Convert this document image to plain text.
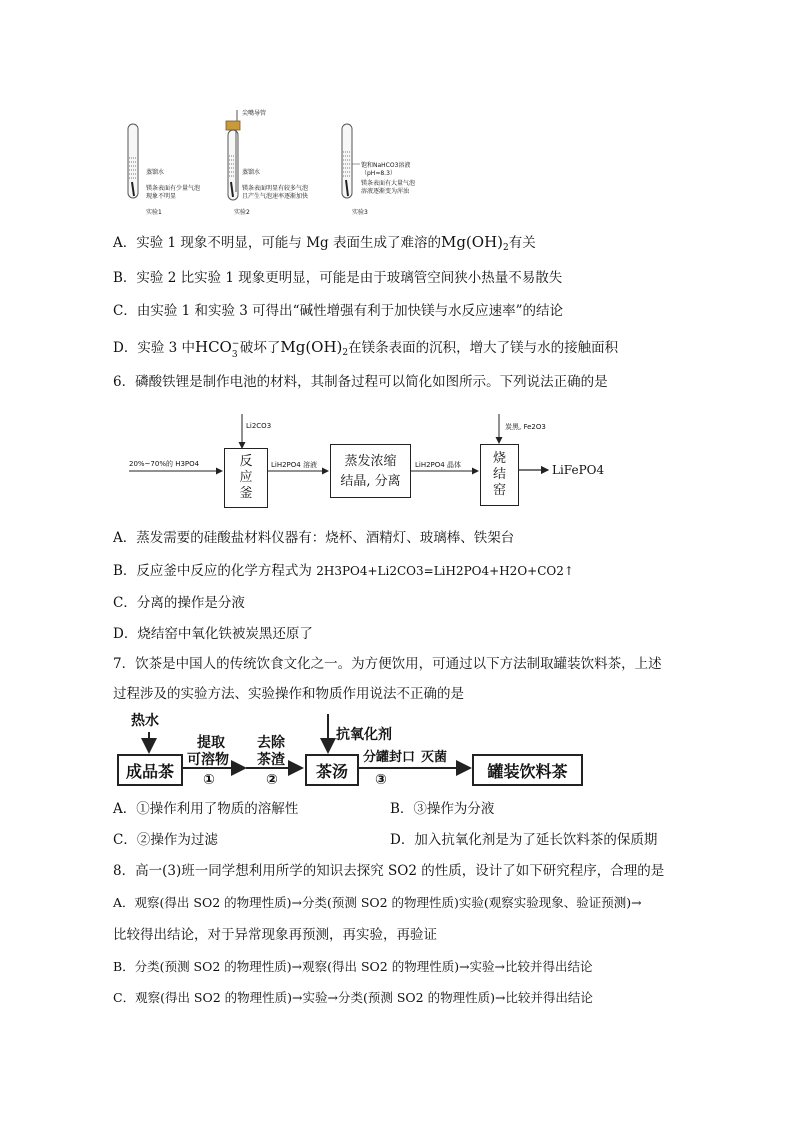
蒸馏水
镁条表面有少量气泡
现象不明显
实验1
尖嘴导管
蒸馏水
镁条表面明显有较多气泡
且产生气泡速率逐渐加快
实验2
饱和NaHCO3溶液
（pH≈8.3）
镁条表面有大量气泡
溶液逐渐变为浑浊
实验3
A．实验 1 现象不明显，可能与 Mg 表面生成了难溶的$Mg(OH)_2$有关
B．实验 2 比实验 1 现象更明显，可能是由于玻璃管空间狭小热量不易散失
C．由实验 1 和实验 3 可得出“碱性增强有利于加快镁与水反应速率”的结论
D．实验 3 中HCO −
3 破坏了$Mg(OH)_2$在镁条表面的沉积，增大了镁与水的接触面积
6．磷酸铁锂是制作电池的材料，其制备过程可以简化如图所示。下列说法正确的是
20%~70%的 H3PO4
Li2CO3
反应釜
LiH2PO4 溶液	蒸发浓缩
结晶, 分离
LiH2PO4 晶体
炭黑, Fe2O3
烧结窑
LiFePO4
A．蒸发需要的硅酸盐材料仪器有：烧杯、酒精灯、玻璃棒、铁架台
B．反应釜中反应的化学方程式为 2H3PO4+Li2CO3=LiH2PO4+H2O+CO2↑
C．分离的操作是分液
D．烧结窑中氧化铁被炭黑还原了
7．饮茶是中国人的传统饮食文化之一。为方便饮用，可通过以下方法制取罐装饮料茶，上述
过程涉及的实验方法、实验操作和物质作用说法不正确的是
热水
成品茶
提取
可溶物
①
去除
茶渣
②
抗氧化剂
茶汤
分罐封口
③
灭菌
罐装饮料茶
A．①操作利用了物质的溶解性	B．③操作为分液
C．②操作为过滤	D．加入抗氧化剂是为了延长饮料茶的保质期
8．高一(3)班一同学想利用所学的知识去探究 SO2 的性质，设计了如下研究程序，合理的是
A．观察(得出 SO2 的物理性质)→分类(预测 SO2 的物理性质)实验(观察实验现象、验证预测)→
比较得出结论，对于异常现象再预测，再实验，再验证
B．分类(预测 SO2 的物理性质)→观察(得出 SO2 的物理性质)→实验→比较并得出结论
C．观察(得出 SO2 的物理性质)→实验→分类(预测 SO2 的物理性质)→比较并得出结论
